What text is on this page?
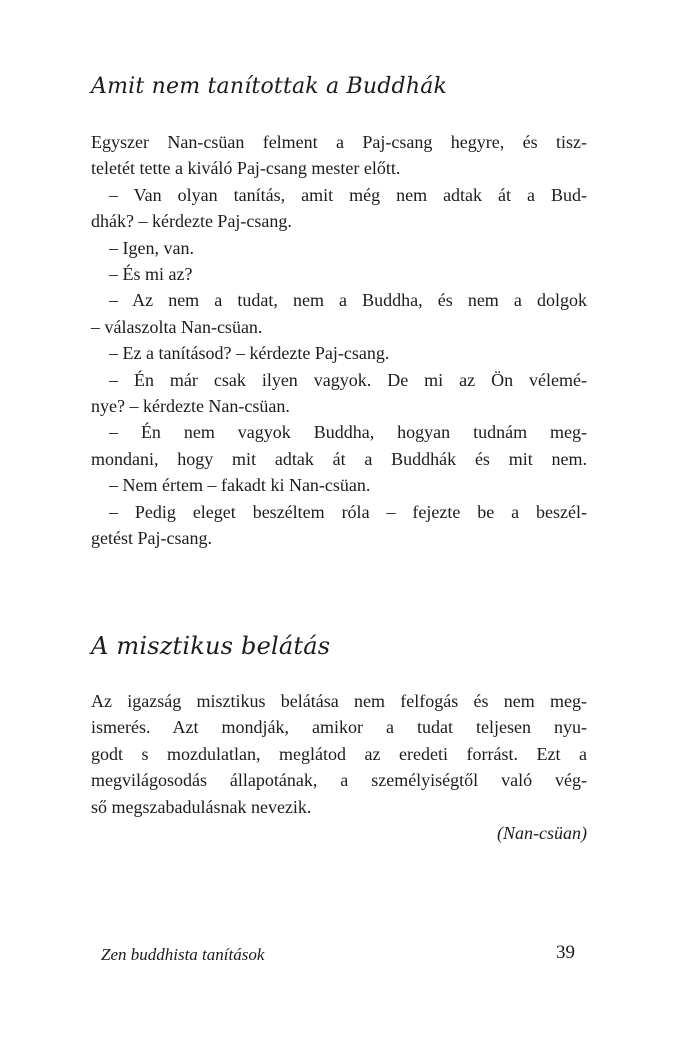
Amit nem tanítottak a Buddhák
Egyszer Nan-csüan felment a Paj-csang hegyre, és tisz-
teletét tette a kiváló Paj-csang mester előtt.
– Van olyan tanítás, amit még nem adtak át a Bud-
dhák? – kérdezte Paj-csang.
– Igen, van.
– És mi az?
– Az nem a tudat, nem a Buddha, és nem a dolgok
– válaszolta Nan-csüan.
– Ez a tanításod? – kérdezte Paj-csang.
– Én már csak ilyen vagyok. De mi az Ön vélemé-
nye? – kérdezte Nan-csüan.
– Én nem vagyok Buddha, hogyan tudnám meg-
mondani, hogy mit adtak át a Buddhák és mit nem.
– Nem értem – fakadt ki Nan-csüan.
– Pedig eleget beszéltem róla – fejezte be a beszél-
getést Paj-csang.
A misztikus belátás
Az igazság misztikus belátása nem felfogás és nem meg-
ismerés. Azt mondják, amikor a tudat teljesen nyu-
godt s mozdulatlan, meglátod az eredeti forrást. Ezt a
megvilágosodás állapotának, a személyiségtől való vég-
ső megszabadulásnak nevezik.
(Nan-csüan)
Zen buddhista tanítások	39
